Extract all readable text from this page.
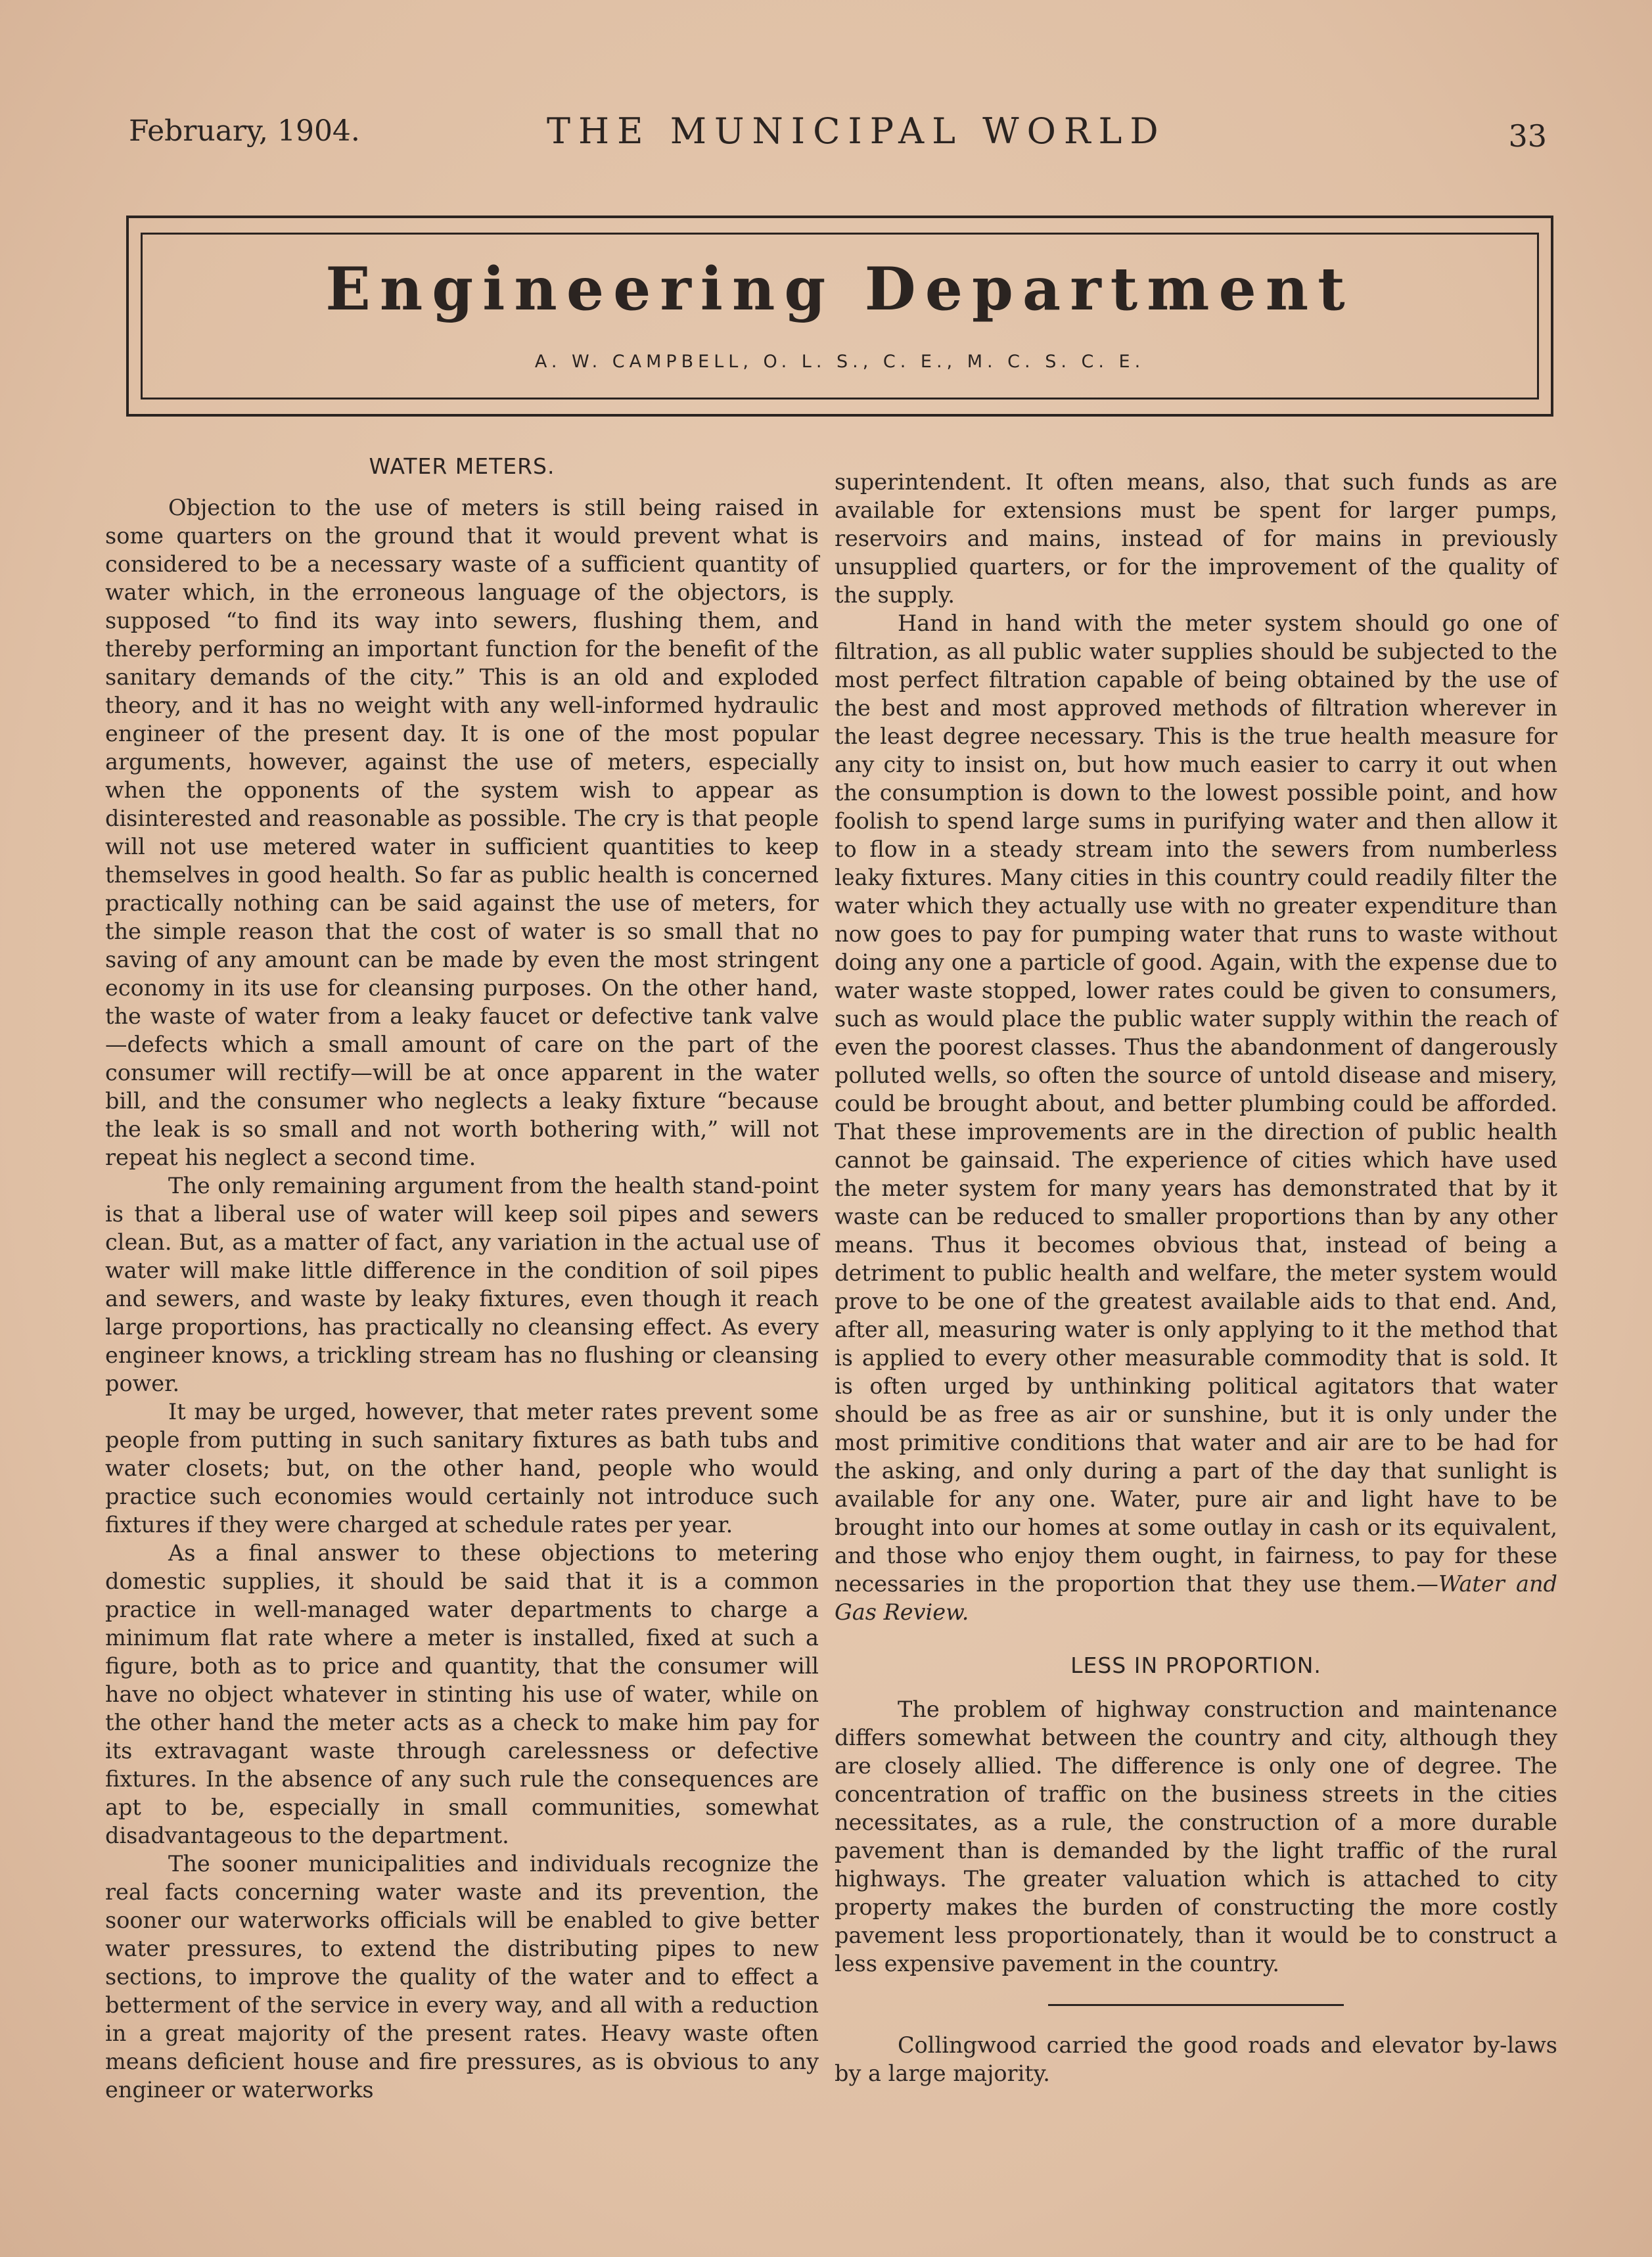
February, 1904.	THE MUNICIPAL WORLD	33
Engineering Department
A. W. CAMPBELL, O. L. S., C. E., M. C. S. C. E.
WATER METERS.

Objection to the use of meters is still being raised in some quarters on the ground that it would prevent what is considered to be a necessary waste of a sufficient quantity of water which, in the erroneous language of the objectors, is supposed “to find its way into sewers, flushing them, and thereby performing an important function for the benefit of the sanitary demands of the city.” This is an old and exploded theory, and it has no weight with any well-informed hydraulic engineer of the present day. It is one of the most popular arguments, however, against the use of meters, especially when the opponents of the system wish to appear as disinterested and reasonable as possible. The cry is that people will not use metered water in sufficient quantities to keep themselves in good health. So far as public health is concerned practically nothing can be said against the use of meters, for the simple reason that the cost of water is so small that no saving of any amount can be made by even the most stringent economy in its use for cleansing purposes. On the other hand, the waste of water from a leaky faucet or defective tank valve—defects which a small amount of care on the part of the consumer will rectify—will be at once apparent in the water bill, and the consumer who neglects a leaky fixture “because the leak is so small and not worth bothering with,” will not repeat his neglect a second time.

The only remaining argument from the health stand-point is that a liberal use of water will keep soil pipes and sewers clean. But, as a matter of fact, any variation in the actual use of water will make little difference in the condition of soil pipes and sewers, and waste by leaky fixtures, even though it reach large proportions, has practically no cleansing effect. As every engineer knows, a trickling stream has no flushing or cleansing power.

It may be urged, however, that meter rates prevent some people from putting in such sanitary fixtures as bath tubs and water closets; but, on the other hand, people who would practice such economies would certainly not introduce such fixtures if they were charged at schedule rates per year.

As a final answer to these objections to metering domestic supplies, it should be said that it is a common practice in well-managed water departments to charge a minimum flat rate where a meter is installed, fixed at such a figure, both as to price and quantity, that the consumer will have no object whatever in stinting his use of water, while on the other hand the meter acts as a check to make him pay for its extravagant waste through carelessness or defective fixtures. In the absence of any such rule the consequences are apt to be, especially in small communities, somewhat disadvantageous to the department.

The sooner municipalities and individuals recognize the real facts concerning water waste and its prevention, the sooner our waterworks officials will be enabled to give better water pressures, to extend the distributing pipes to new sections, to improve the quality of the water and to effect a betterment of the service in every way, and all with a reduction in a great majority of the present rates. Heavy waste often means deficient house and fire pressures, as is obvious to any engineer or waterworks

superintendent. It often means, also, that such funds as are available for extensions must be spent for larger pumps, reservoirs and mains, instead of for mains in previously unsupplied quarters, or for the improvement of the quality of the supply.

Hand in hand with the meter system should go one of filtration, as all public water supplies should be subjected to the most perfect filtration capable of being obtained by the use of the best and most approved methods of filtration wherever in the least degree necessary. This is the true health measure for any city to insist on, but how much easier to carry it out when the consumption is down to the lowest possible point, and how foolish to spend large sums in purifying water and then allow it to flow in a steady stream into the sewers from numberless leaky fixtures. Many cities in this country could readily filter the water which they actually use with no greater expenditure than now goes to pay for pumping water that runs to waste without doing any one a particle of good. Again, with the expense due to water waste stopped, lower rates could be given to consumers, such as would place the public water supply within the reach of even the poorest classes. Thus the abandonment of dangerously polluted wells, so often the source of untold disease and misery, could be brought about, and better plumbing could be afforded. That these improvements are in the direction of public health cannot be gainsaid. The experience of cities which have used the meter system for many years has demonstrated that by it waste can be reduced to smaller proportions than by any other means. Thus it becomes obvious that, instead of being a detriment to public health and welfare, the meter system would prove to be one of the greatest available aids to that end. And, after all, measuring water is only applying to it the method that is applied to every other measurable commodity that is sold. It is often urged by unthinking political agitators that water should be as free as air or sunshine, but it is only under the most primitive conditions that water and air are to be had for the asking, and only during a part of the day that sunlight is available for any one. Water, pure air and light have to be brought into our homes at some outlay in cash or its equivalent, and those who enjoy them ought, in fairness, to pay for these necessaries in the proportion that they use them.—Water and Gas Review.

LESS IN PROPORTION.

The problem of highway construction and maintenance differs somewhat between the country and city, although they are closely allied. The difference is only one of degree. The concentration of traffic on the business streets in the cities necessitates, as a rule, the construction of a more durable pavement than is demanded by the light traffic of the rural highways. The greater valuation which is attached to city property makes the burden of constructing the more costly pavement less proportionately, than it would be to construct a less expensive pavement in the country.

Collingwood carried the good roads and elevator by-laws by a large majority.
